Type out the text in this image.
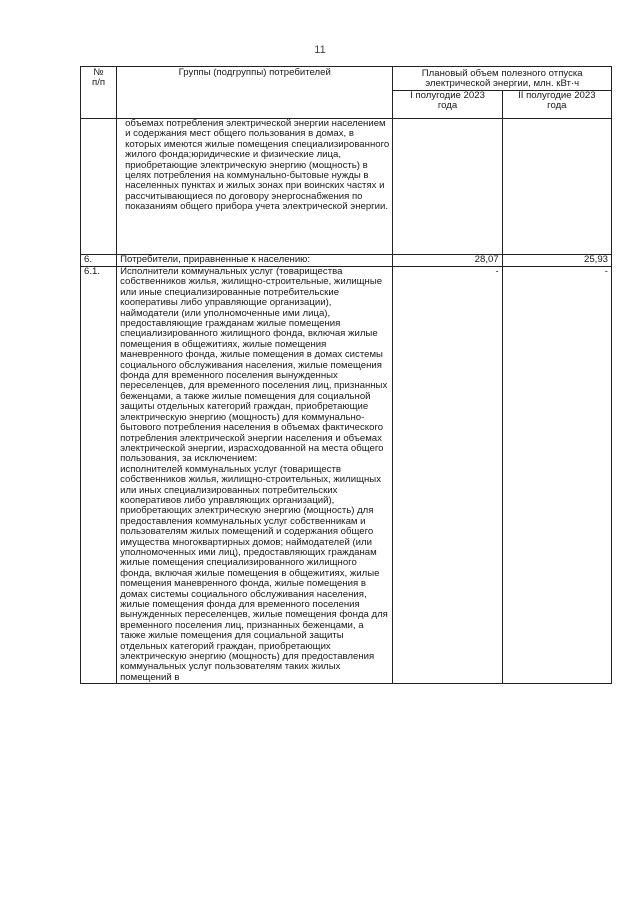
11
№
п/п	Группы (подгруппы) потребителей	Плановый объем полезного отпуска электрической энергии, млн. кВт·ч	
		I полугодие 2023 года	II полугодие 2023 года
	объемах потребления электрической энергии населением и содержания мест общего пользования в домах, в которых имеются жилые помещения специализированного жилого фонда;юридические и физические лица, приобретающие электрическую энергию (мощность) в целях потребления на коммунально-бытовые нужды в населенных пунктах и жилых зонах при воинских частях и рассчитывающиеся по договору энергоснабжения по показаниям общего прибора учета электрической энергии.		
6.	Потребители, приравненные к населению:	28,07	25,93
6.1.	Исполнители коммунальных услуг (товарищества собственников жилья, жилищно-строительные, жилищные или иные специализированные потребительские кооперативы либо управляющие организации), наймодатели (или уполномоченные ими лица), предоставляющие гражданам жилые помещения специализированного жилищного фонда, включая жилые помещения в общежитиях, жилые помещения маневренного фонда, жилые помещения в домах системы социального обслуживания населения, жилые помещения фонда для временного поселения вынужденных переселенцев, для временного поселения лиц, признанных беженцами, а также жилые помещения для социальной защиты отдельных категорий граждан, приобретающие электрическую энергию (мощность) для коммунально-бытового потребления населения в объемах фактического потребления электрической энергии населения и объемах электрической энергии, израсходованной на места общего пользования, за исключением:
исполнителей коммунальных услуг (товариществ собственников жилья, жилищно-строительных, жилищных или иных специализированных потребительских кооперативов либо управляющих организаций), приобретающих электрическую энергию (мощность) для предоставления коммунальных услуг собственникам и пользователям жилых помещений и содержания общего имущества многоквартирных домов; наймодателей (или уполномоченных ими лиц), предоставляющих гражданам жилые помещения специализированного жилищного фонда, включая жилые помещения в общежитиях, жилые помещения маневренного фонда, жилые помещения в домах системы социального обслуживания населения, жилые помещения фонда для временного поселения вынужденных переселенцев, жилые помещения фонда для временного поселения лиц, признанных беженцами, а также жилые помещения для социальной защиты отдельных категорий граждан, приобретающих электрическую энергию (мощность) для предоставления коммунальных услуг пользователям таких жилых помещений в	-	-
